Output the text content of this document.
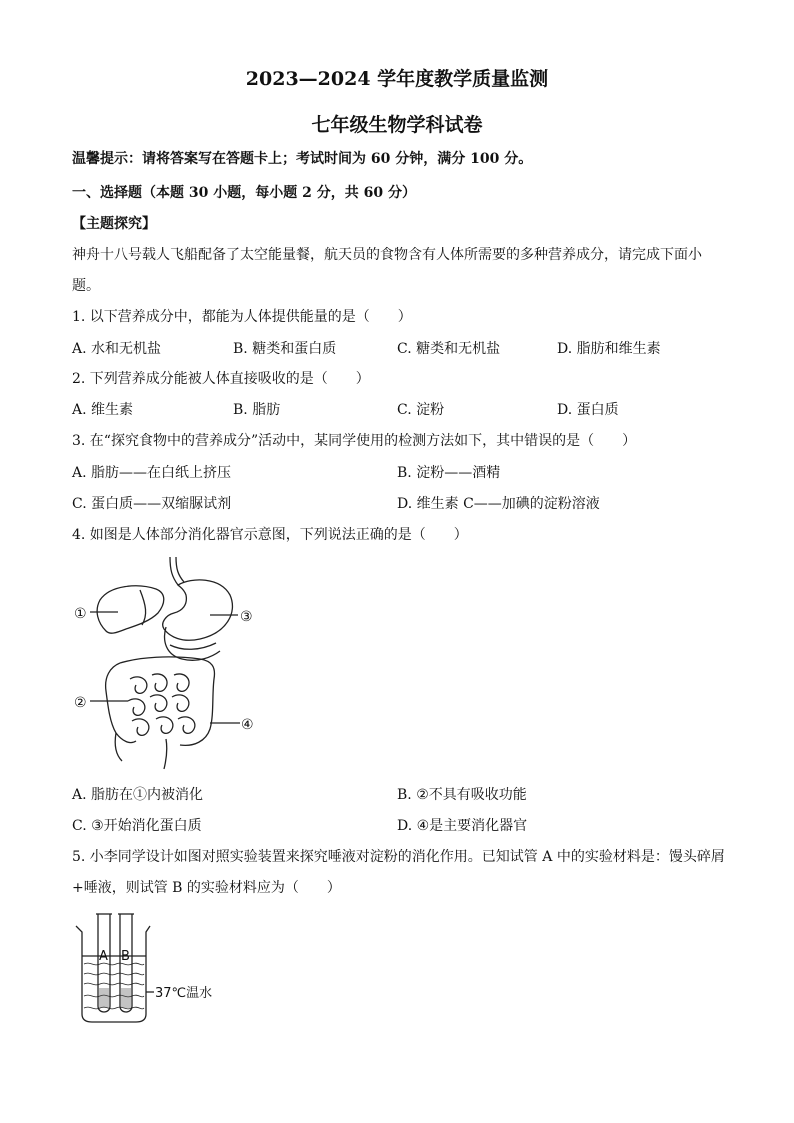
2023—2024 学年度教学质量监测
七年级生物学科试卷
温馨提示：请将答案写在答题卡上；考试时间为 60 分钟，满分 100 分。
一、选择题（本题 30 小题，每小题 2 分，共 60 分）
【主题探究】
神舟十八号载人飞船配备了太空能量餐，航天员的食物含有人体所需要的多种营养成分，请完成下面小
题。
1. 以下营养成分中，都能为人体提供能量的是（　　）
A. 水和无机盐	B. 糖类和蛋白质	C. 糖类和无机盐	D. 脂肪和维生素
2. 下列营养成分能被人体直接吸收的是（　　）
A. 维生素	B. 脂肪	C. 淀粉	D. 蛋白质
3. 在“探究食物中的营养成分”活动中，某同学使用的检测方法如下，其中错误的是（　　）
A. 脂肪——在白纸上挤压	B. 淀粉——酒精
C. 蛋白质——双缩脲试剂	D. 维生素 C——加碘的淀粉溶液
4. 如图是人体部分消化器官示意图，下列说法正确的是（　　）
①
②
③
④
A. 脂肪在①内被消化	B. ②不具有吸收功能
C. ③开始消化蛋白质	D. ④是主要消化器官
5. 小李同学设计如图对照实验装置来探究唾液对淀粉的消化作用。已知试管 A 中的实验材料是：馒头碎屑
+唾液，则试管 B 的实验材料应为（　　）
A B
37℃温水
